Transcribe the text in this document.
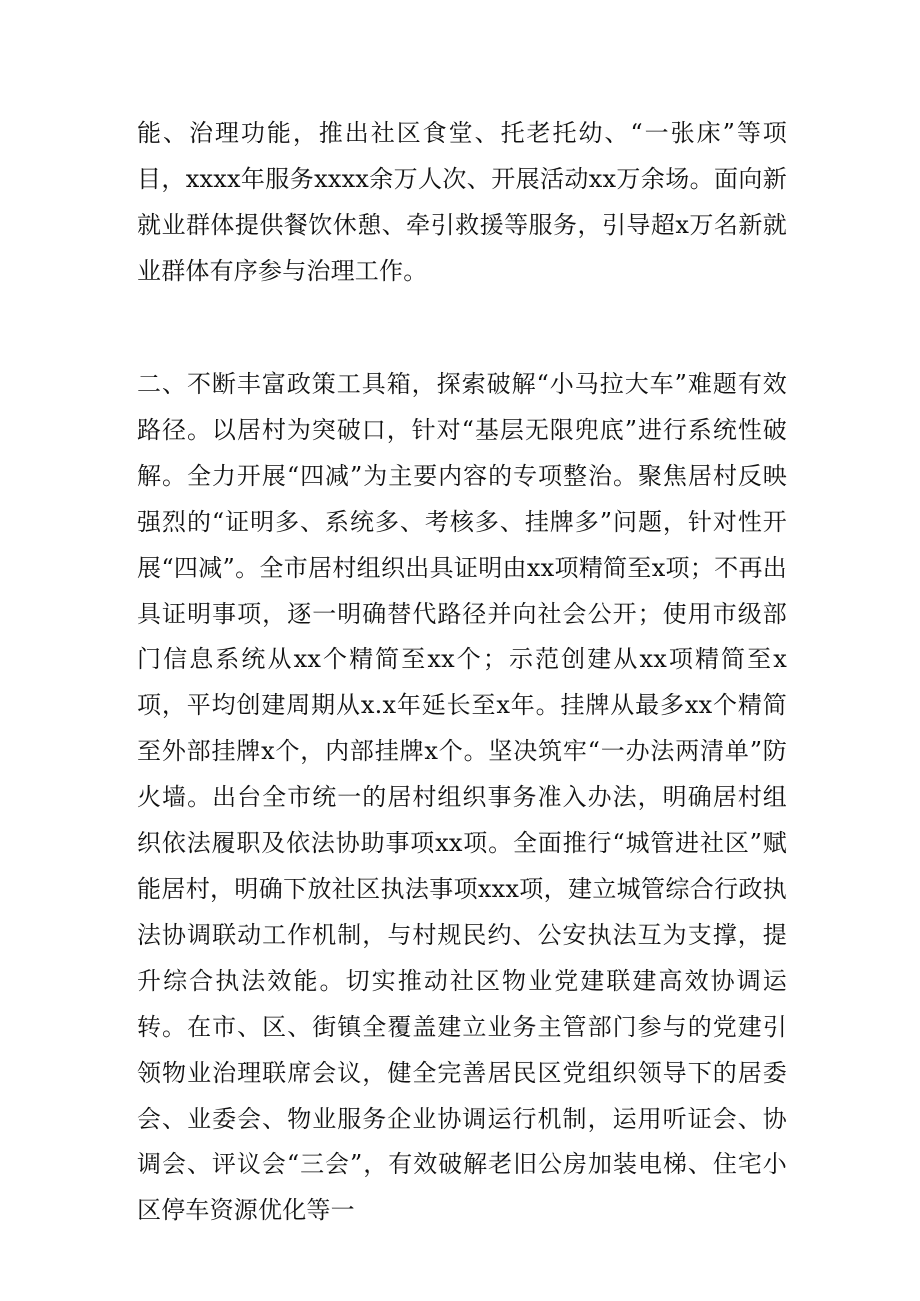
能、治理功能，推出社区食堂、托老托幼、“一张床”等项目，xxxx年服务xxxx余万人次、开展活动xx万余场。面向新就业群体提供餐饮休憩、牵引救援等服务，引导超x万名新就业群体有序参与治理工作。

二、不断丰富政策工具箱，探索破解“小马拉大车”难题有效路径。以居村为突破口，针对“基层无限兜底”进行系统性破解。全力开展“四减”为主要内容的专项整治。聚焦居村反映强烈的“证明多、系统多、考核多、挂牌多”问题，针对性开展“四减”。全市居村组织出具证明由xx项精简至x项；不再出具证明事项，逐一明确替代路径并向社会公开；使用市级部门信息系统从xx个精简至xx个；示范创建从xx项精简至x项，平均创建周期从x.x年延长至x年。挂牌从最多xx个精简至外部挂牌x个，内部挂牌x个。坚决筑牢“一办法两清单”防火墙。出台全市统一的居村组织事务准入办法，明确居村组织依法履职及依法协助事项xx项。全面推行“城管进社区”赋能居村，明确下放社区执法事项xxx项，建立城管综合行政执法协调联动工作机制，与村规民约、公安执法互为支撑，提升综合执法效能。切实推动社区物业党建联建高效协调运转。在市、区、街镇全覆盖建立业务主管部门参与的党建引领物业治理联席会议，健全完善居民区党组织领导下的居委会、业委会、物业服务企业协调运行机制，运用听证会、协调会、评议会“三会”，有效破解老旧公房加装电梯、住宅小区停车资源优化等一
